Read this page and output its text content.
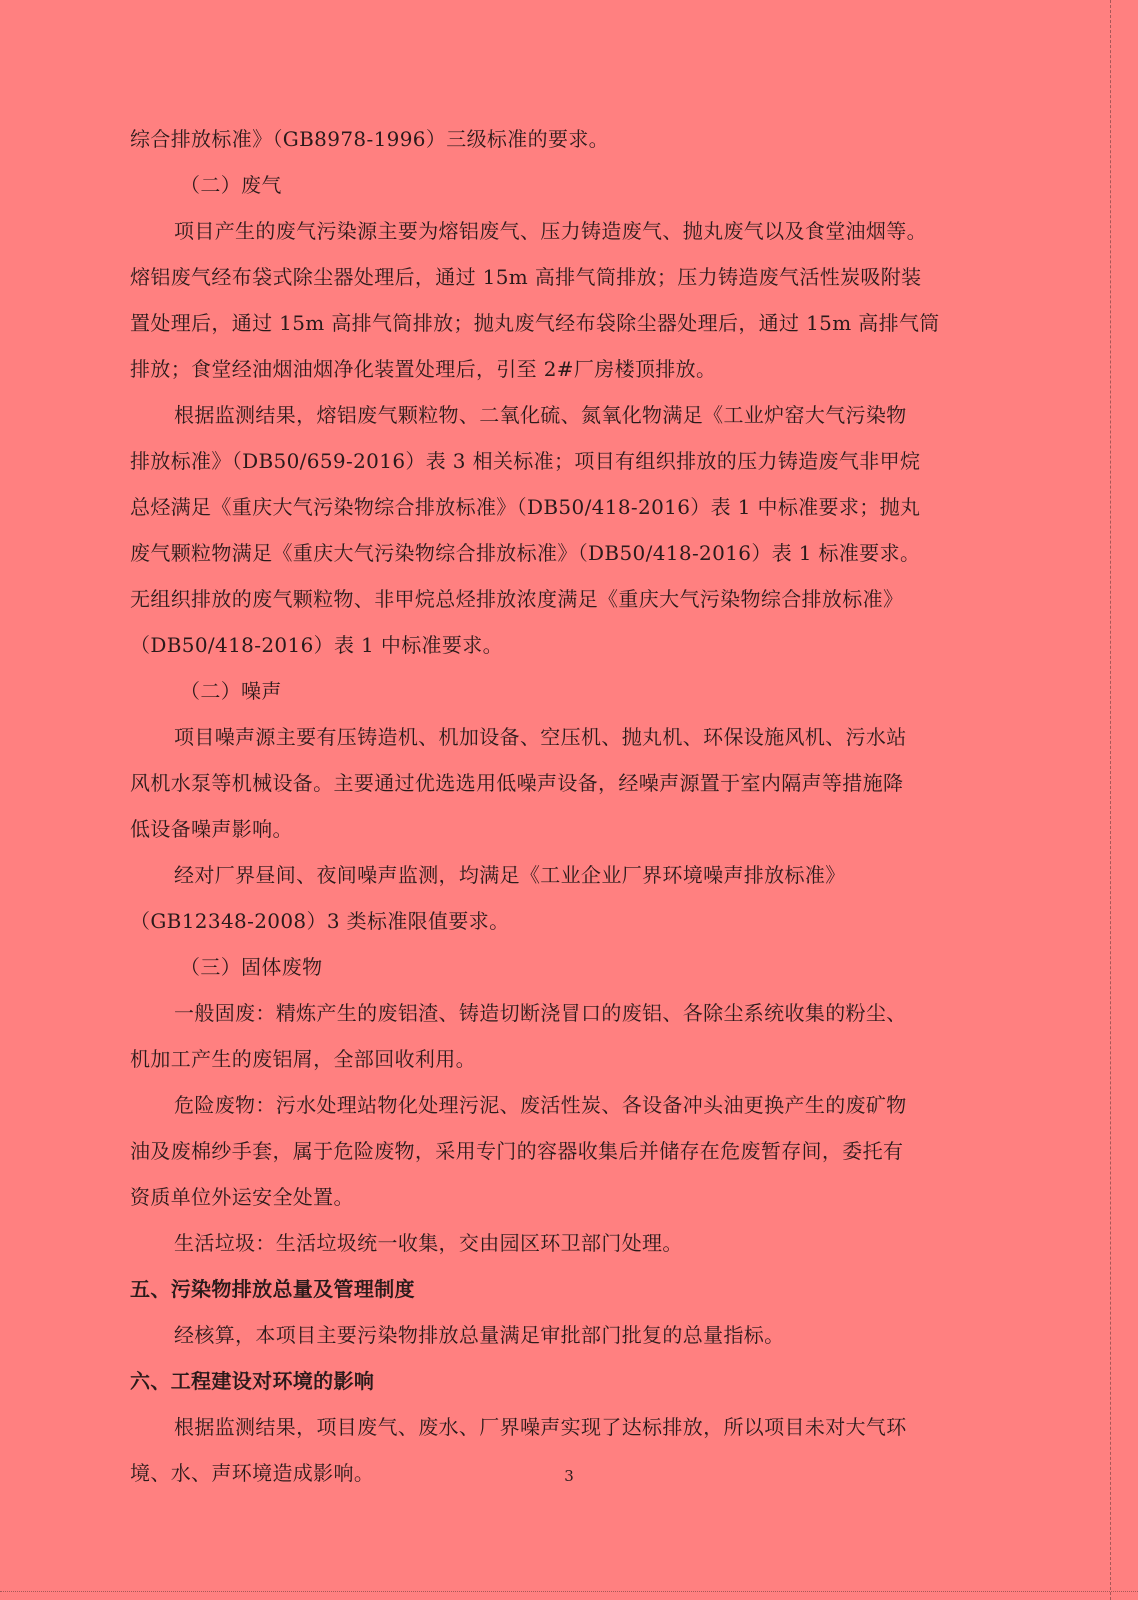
综合排放标准》（GB8978-1996）三级标准的要求。
（二）废气
项目产生的废气污染源主要为熔铝废气、压力铸造废气、抛丸废气以及食堂油烟等。
熔铝废气经布袋式除尘器处理后，通过 15m 高排气筒排放；压力铸造废气活性炭吸附装
置处理后，通过 15m 高排气筒排放；抛丸废气经布袋除尘器处理后，通过 15m 高排气筒
排放；食堂经油烟油烟净化装置处理后，引至 2#厂房楼顶排放。
根据监测结果，熔铝废气颗粒物、二氧化硫、氮氧化物满足《工业炉窑大气污染物
排放标准》（DB50/659-2016）表 3 相关标准；项目有组织排放的压力铸造废气非甲烷
总烃满足《重庆大气污染物综合排放标准》（DB50/418-2016）表 1 中标准要求；抛丸
废气颗粒物满足《重庆大气污染物综合排放标准》（DB50/418-2016）表 1 标准要求。
无组织排放的废气颗粒物、非甲烷总烃排放浓度满足《重庆大气污染物综合排放标准》
（DB50/418-2016）表 1 中标准要求。
（二）噪声
项目噪声源主要有压铸造机、机加设备、空压机、抛丸机、环保设施风机、污水站
风机水泵等机械设备。主要通过优选选用低噪声设备，经噪声源置于室内隔声等措施降
低设备噪声影响。
经对厂界昼间、夜间噪声监测，均满足《工业企业厂界环境噪声排放标准》
（GB12348-2008）3 类标准限值要求。
（三）固体废物
一般固废：精炼产生的废铝渣、铸造切断浇冒口的废铝、各除尘系统收集的粉尘、
机加工产生的废铝屑，全部回收利用。
危险废物：污水处理站物化处理污泥、废活性炭、各设备冲头油更换产生的废矿物
油及废棉纱手套，属于危险废物，采用专门的容器收集后并储存在危废暂存间，委托有
资质单位外运安全处置。
生活垃圾：生活垃圾统一收集，交由园区环卫部门处理。
五、污染物排放总量及管理制度
经核算，本项目主要污染物排放总量满足审批部门批复的总量指标。
六、工程建设对环境的影响
根据监测结果，项目废气、废水、厂界噪声实现了达标排放，所以项目未对大气环
境、水、声环境造成影响。	3
